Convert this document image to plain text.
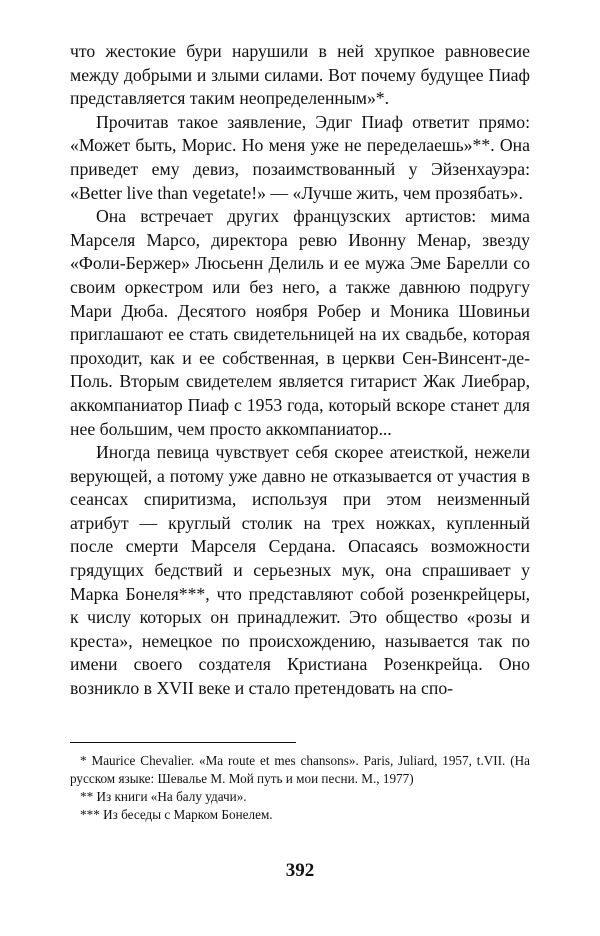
что жестокие бури нарушили в ней хрупкое равновесие между добрыми и злыми силами. Вот почему будущее Пиаф представляется таким неопределенным»*.

Прочитав такое заявление, Эдиг Пиаф ответит прямо: «Может быть, Морис. Но меня уже не переделаешь»**. Она приведет ему девиз, позаимствованный у Эйзенхауэра: «Better live than vegetate!» — «Лучше жить, чем прозябать».

Она встречает других французских артистов: мима Марселя Марсо, директора ревю Ивонну Менар, звезду «Фоли-Бержер» Люсьенн Делиль и ее мужа Эме Барелли со своим оркестром или без него, а также давнюю подругу Мари Дюба. Десятого ноября Робер и Моника Шовиньи приглашают ее стать свидетельницей на их свадьбе, которая проходит, как и ее собственная, в церкви Сен-Винсент-де-Поль. Вторым свидетелем является гитарист Жак Лиебрар, аккомпаниатор Пиаф с 1953 года, который вскоре станет для нее большим, чем просто аккомпаниатор...

Иногда певица чувствует себя скорее атеисткой, нежели верующей, а потому уже давно не отказывается от участия в сеансах спиритизма, используя при этом неизменный атрибут — круглый столик на трех ножках, купленный после смерти Марселя Сердана. Опасаясь возможности грядущих бедствий и серьезных мук, она спрашивает у Марка Бонеля***, что представляют собой розенкрейцеры, к числу которых он принадлежит. Это общество «розы и креста», немецкое по происхождению, называется так по имени своего создателя Кристиана Розенкрейца. Оно возникло в XVII веке и стало претендовать на спо-

* Maurice Chevalier. «Ma route et mes chansons». Paris, Juliard, 1957, t.VII. (На русском языке: Шевалье М. Мой путь и мои песни. М., 1977)

** Из книги «На балу удачи».

*** Из беседы с Марком Бонелем.

392
